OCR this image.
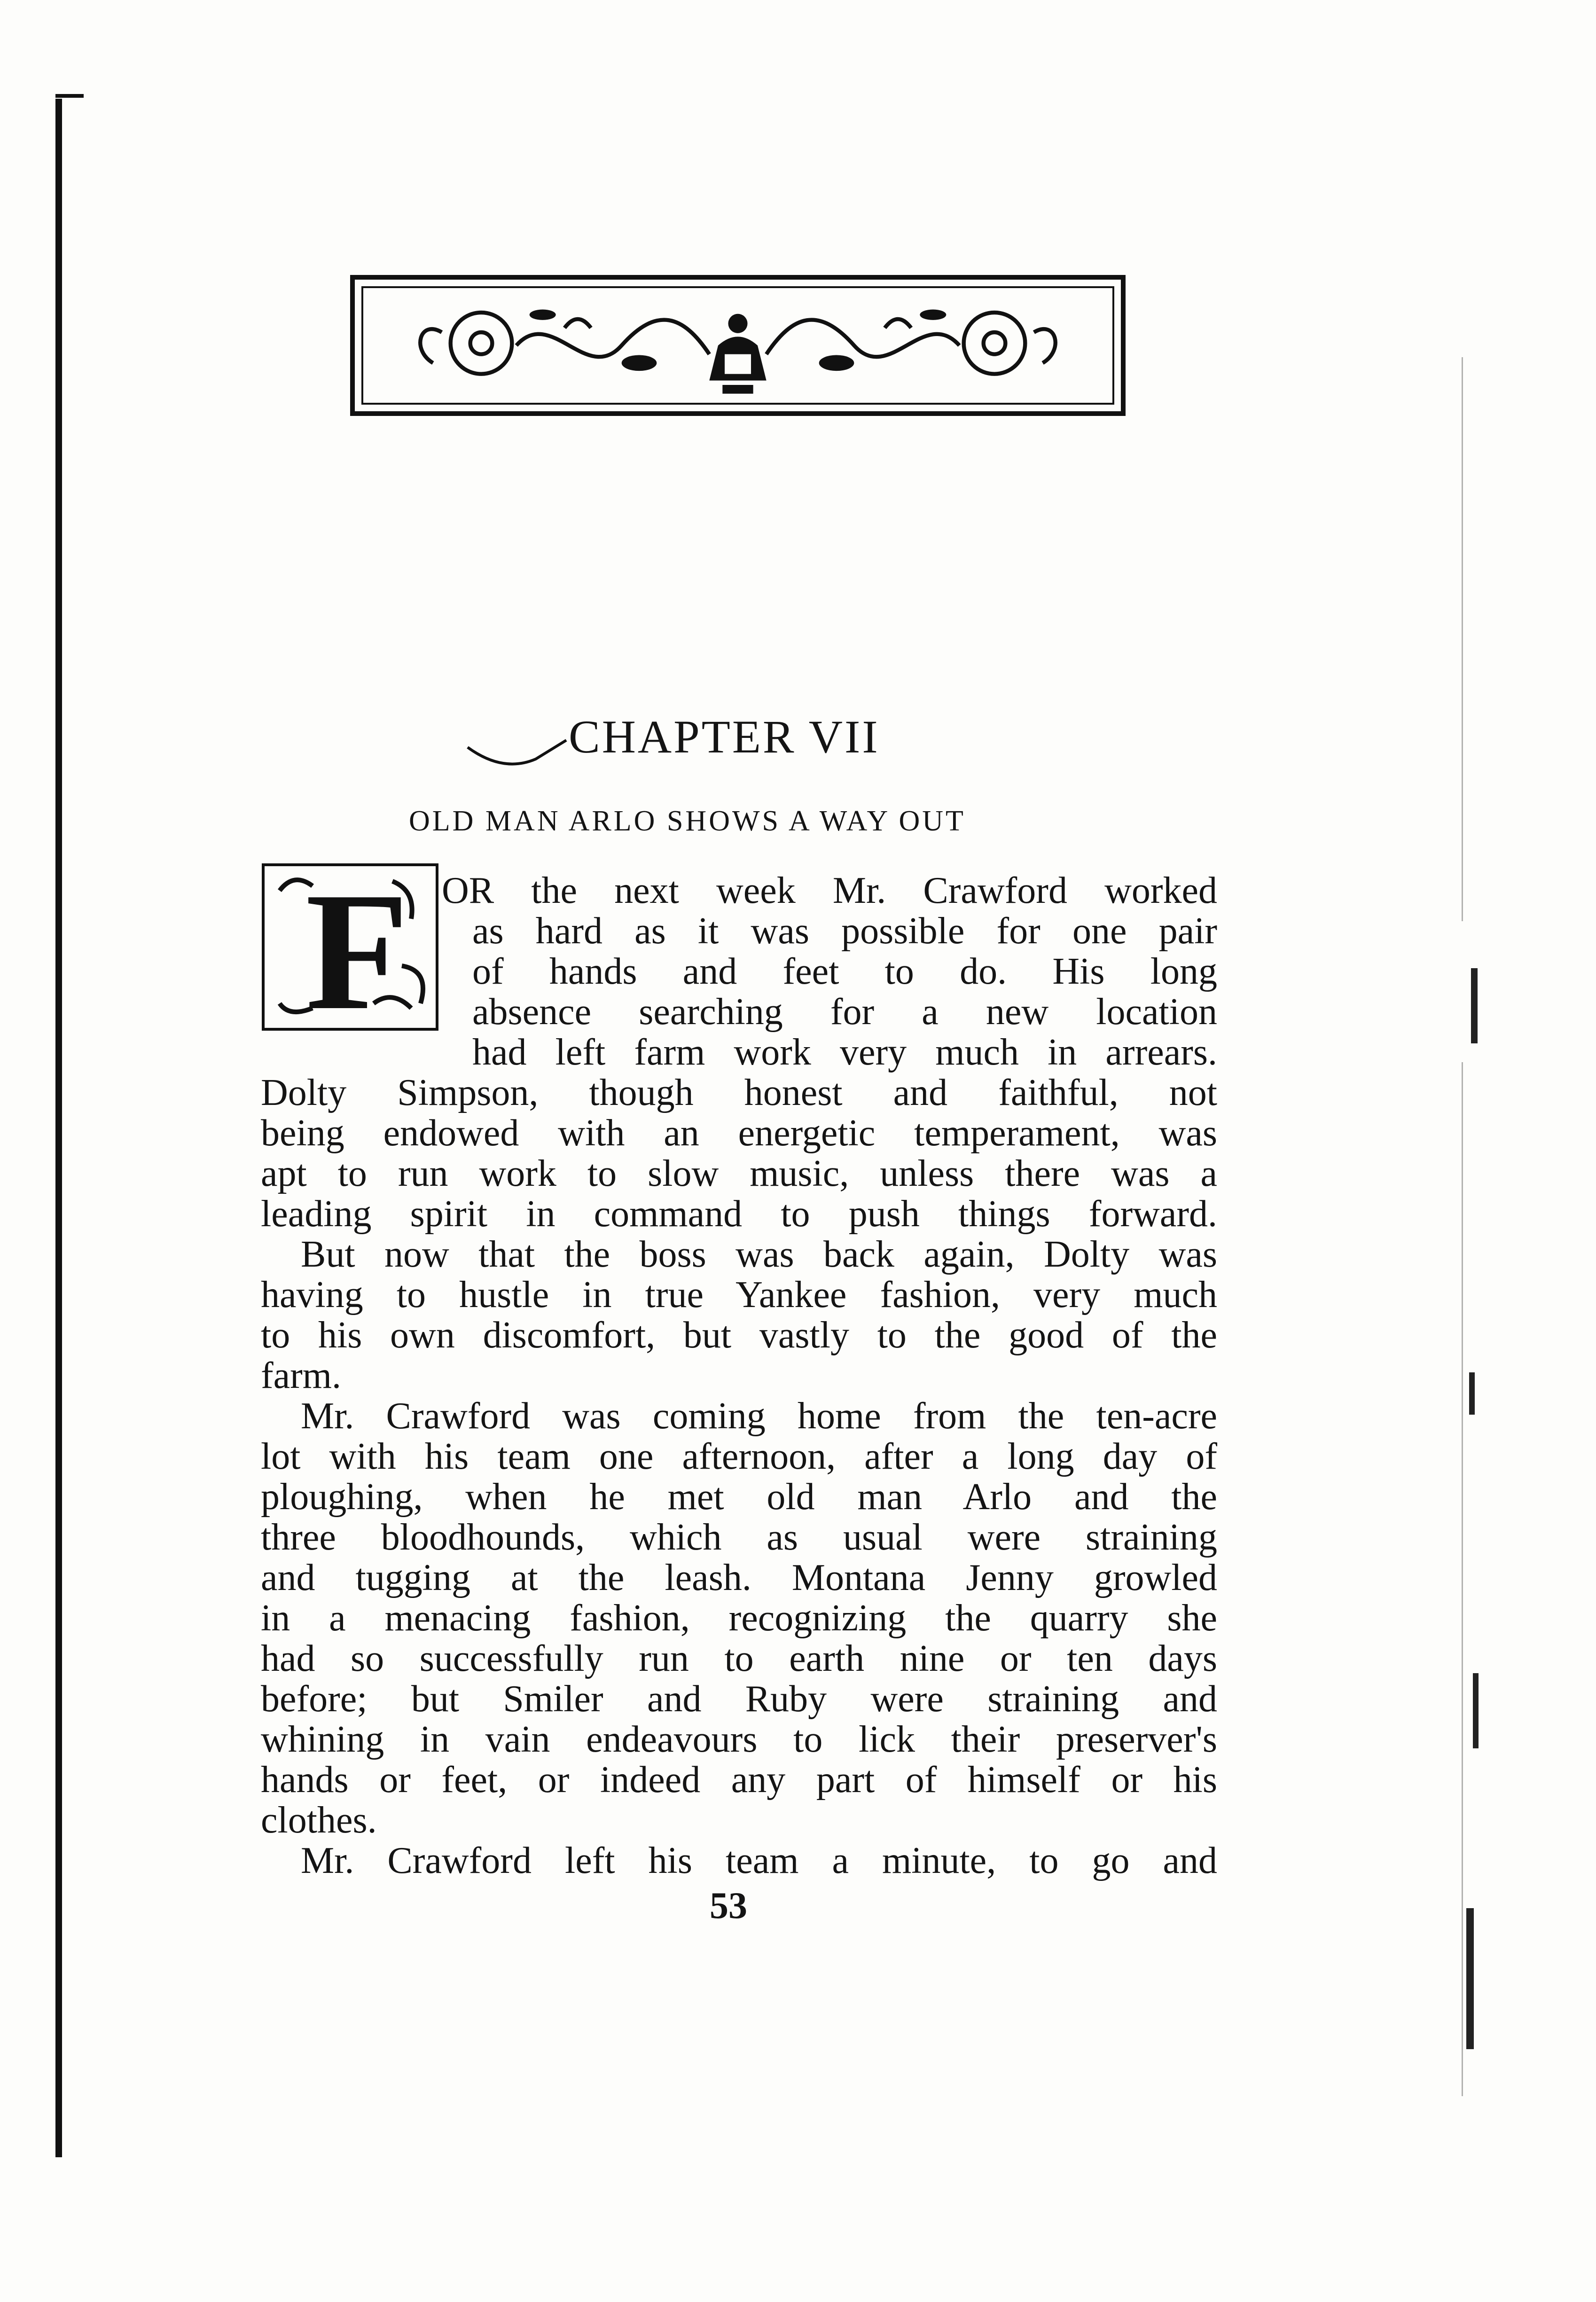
CHAPTER VII
OLD MAN ARLO SHOWS A WAY OUT
F OR the next week Mr. Crawford worked
as hard as it was possible for one pair
of hands and feet to do. His long
absence searching for a new location
had left farm work very much in arrears.
Dolty Simpson, though honest and faithful, not
being endowed with an energetic temperament, was
apt to run work to slow music, unless there was a
leading spirit in command to push things forward.
But now that the boss was back again, Dolty was
having to hustle in true Yankee fashion, very much
to his own discomfort, but vastly to the good of the
farm.
Mr. Crawford was coming home from the ten-acre
lot with his team one afternoon, after a long day of
ploughing, when he met old man Arlo and the
three bloodhounds, which as usual were straining
and tugging at the leash. Montana Jenny growled
in a menacing fashion, recognizing the quarry she
had so successfully run to earth nine or ten days
before; but Smiler and Ruby were straining and
whining in vain endeavours to lick their preserver's
hands or feet, or indeed any part of himself or his
clothes.
Mr. Crawford left his team a minute, to go and
53
